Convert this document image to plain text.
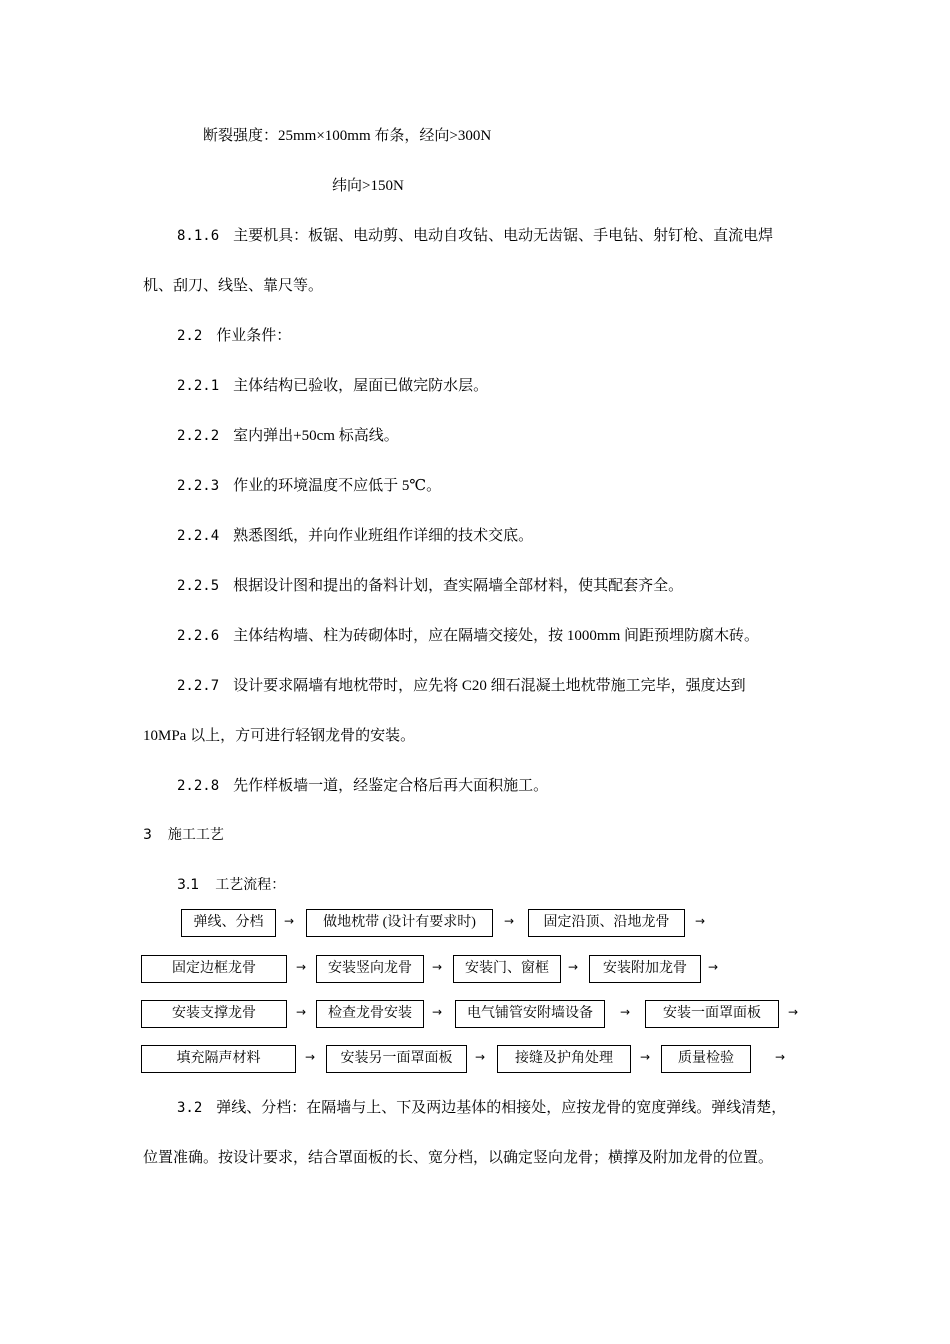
断裂强度：25mm×100mm 布条，经向>300N
纬向>150N
8.1.6 主要机具：板锯、电动剪、电动自攻钻、电动无齿锯、手电钻、射钉枪、直流电焊
机、刮刀、线坠、靠尺等。
2.2 作业条件：
2.2.1 主体结构已验收，屋面已做完防水层。
2.2.2 室内弹出+50cm 标高线。
2.2.3 作业的环境温度不应低于 5℃。
2.2.4 熟悉图纸，并向作业班组作详细的技术交底。
2.2.5 根据设计图和提出的备料计划，查实隔墙全部材料，使其配套齐全。
2.2.6 主体结构墙、柱为砖砌体时，应在隔墙交接处，按 1000mm 间距预埋防腐木砖。
2.2.7 设计要求隔墙有地枕带时，应先将 C20 细石混凝土地枕带施工完毕，强度达到
10MPa 以上，方可进行轻钢龙骨的安装。
2.2.8 先作样板墙一道，经鉴定合格后再大面积施工。
3 施工工艺
3.1 工艺流程：
弹线、分档	→	做地枕带 (设计有要求时)	→	固定沿顶、沿地龙骨	→
固定边框龙骨	→	安装竖向龙骨	→	安装门、窗框	→	安装附加龙骨	→
安装支撑龙骨	→	检查龙骨安装	→	电气铺管安附墙设备	→	安装一面罩面板	→
填充隔声材料	→	安装另一面罩面板	→	接缝及护角处理	→	质量检验	→
3.2 弹线、分档：在隔墙与上、下及两边基体的相接处，应按龙骨的宽度弹线。弹线清楚，
位置准确。按设计要求，结合罩面板的长、宽分档，以确定竖向龙骨；横撑及附加龙骨的位置。
